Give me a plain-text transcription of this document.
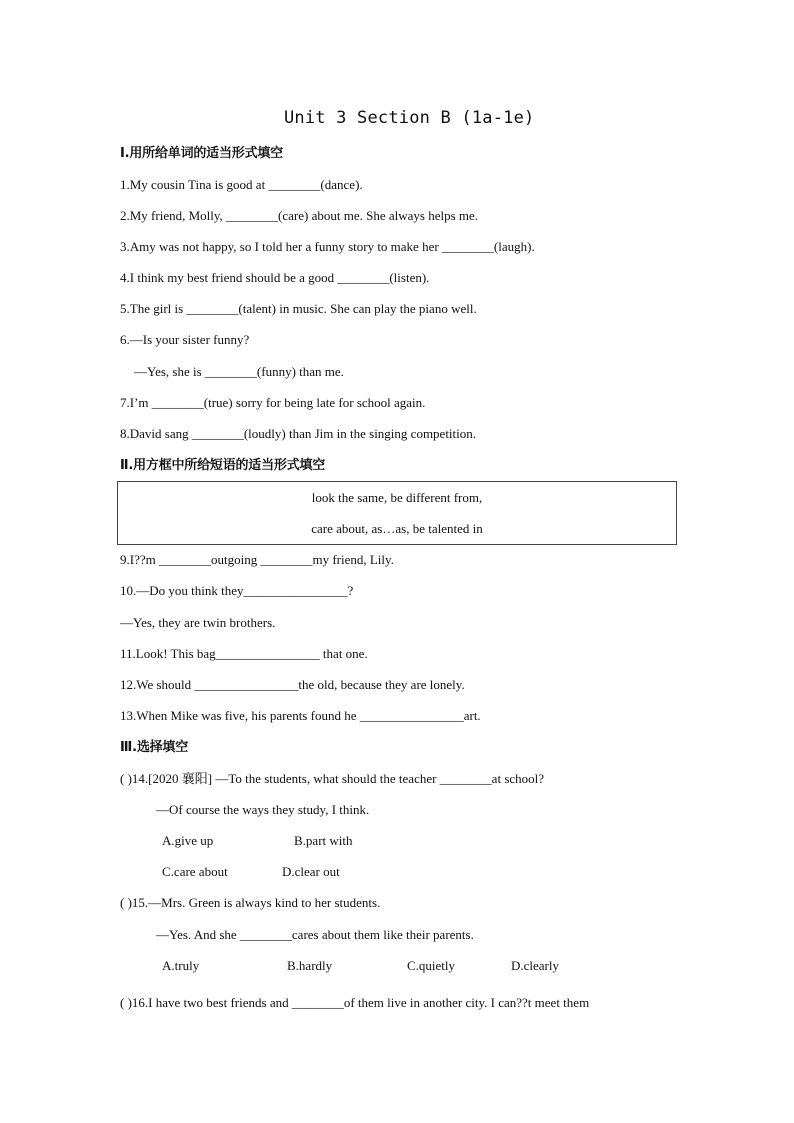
Unit 3 Section B (1a-1e)
Ⅰ.用所给单词的适当形式填空
1.My cousin Tina is good at ________(dance).
2.My friend, Molly, ________(care) about me. She always helps me.
3.Amy was not happy, so I told her a funny story to make her ________(laugh).
4.I think my best friend should be a good ________(listen).
5.The girl is ________(talent) in music. She can play the piano well.
6.—Is your sister funny?
—Yes, she is ________(funny) than me.
7.I’m ________(true) sorry for being late for school again.
8.David sang ________(loudly) than Jim in the singing competition.
Ⅱ.用方框中所给短语的适当形式填空
look the same, be different from,
care about, as…as, be talented in
9.I??m ________outgoing ________my friend, Lily.
10.—Do you think they________________?
—Yes, they are twin brothers.
11.Look! This bag________________ that one.
12.We should ________________the old, because they are lonely.
13.When Mike was five, his parents found he ________________art.
Ⅲ.选择填空
( )14.[2020 襄阳] —To the students, what should the teacher ________at school?
—Of course the ways they study, I think.
A.give up	B.part with
C.care about	D.clear out
( )15.—Mrs. Green is always kind to her students.
—Yes. And she ________cares about them like their parents.
A.truly	B.hardly	C.quietly	D.clearly
( )16.I have two best friends and ________of them live in another city. I can??t meet them
